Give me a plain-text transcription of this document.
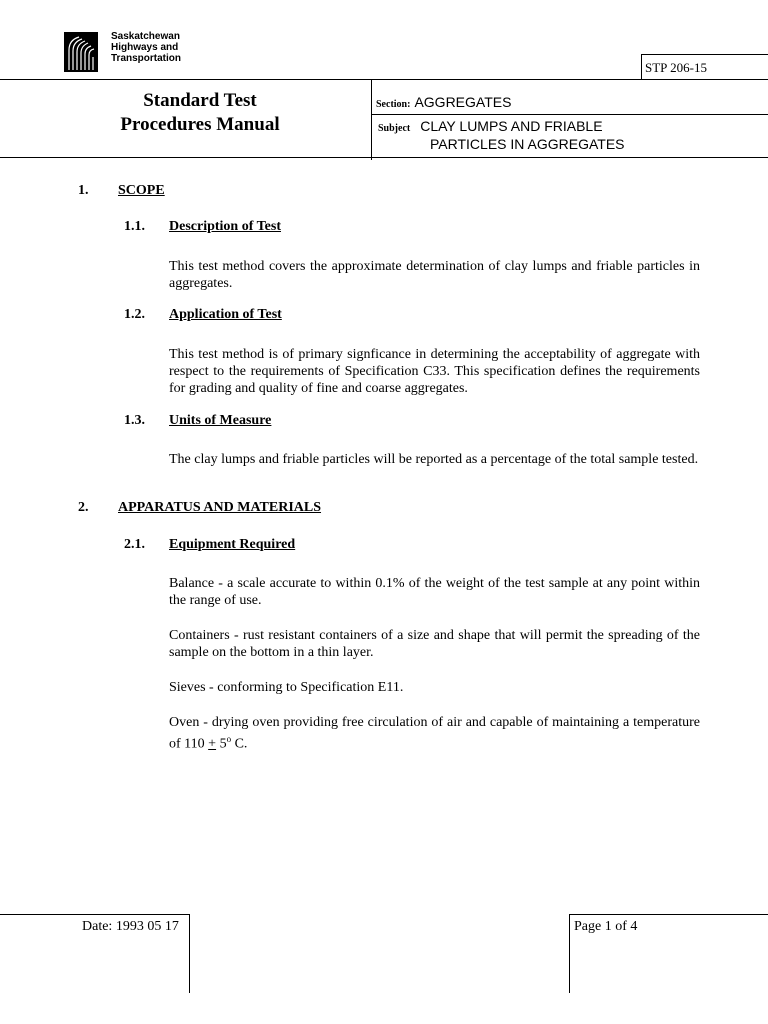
Saskatchewan
Highways and
Transportation
STP 206-15
Standard Test
Procedures Manual
Section: AGGREGATES
Subject CLAY LUMPS AND FRIABLE
PARTICLES IN AGGREGATES
1. SCOPE
1.1. Description of Test
This test method covers the approximate determination of clay lumps and friable particles in aggregates.
1.2. Application of Test
This test method is of primary signficance in determining the acceptability of aggregate with respect to the requirements of Specification C33. This specification defines the requirements for grading and quality of fine and coarse aggregates.
1.3. Units of Measure
The clay lumps and friable particles will be reported as a percentage of the total sample tested.
2. APPARATUS AND MATERIALS
2.1. Equipment Required
Balance - a scale accurate to within 0.1% of the weight of the test sample at any point within the range of use.
Containers - rust resistant containers of a size and shape that will permit the spreading of the sample on the bottom in a thin layer.
Sieves - conforming to Specification E11.
Oven - drying oven providing free circulation of air and capable of maintaining a temperature of $110 + 5^o$ C.
Date: 1993 05 17	Page 1 of 4
